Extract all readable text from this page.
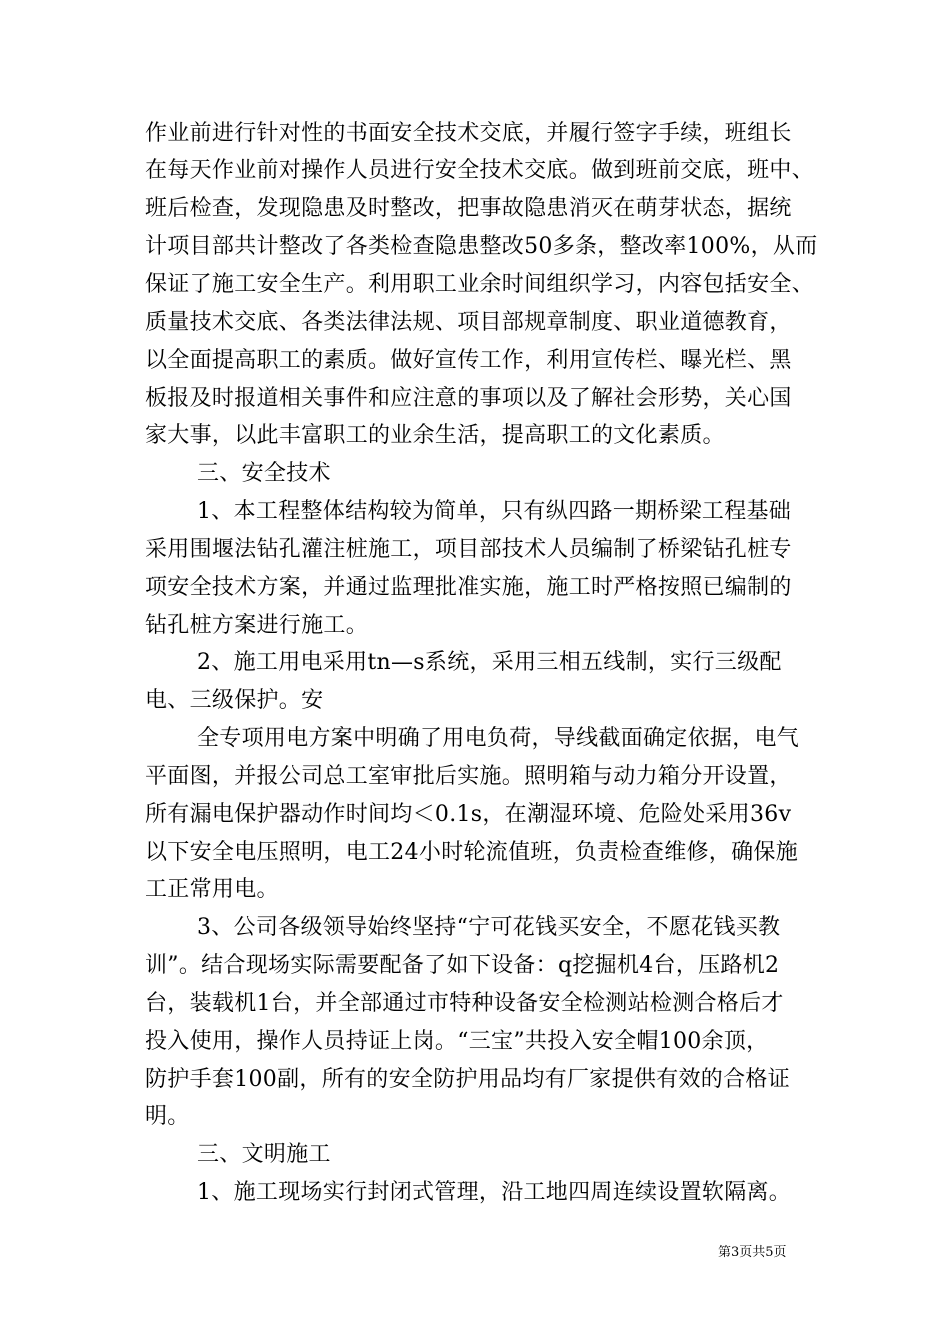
作业前进行针对性的书面安全技术交底，并履行签字手续，班组长
在每天作业前对操作人员进行安全技术交底。做到班前交底，班中、
班后检查，发现隐患及时整改，把事故隐患消灭在萌芽状态，据统
计项目部共计整改了各类检查隐患整改50多条，整改率100%，从而
保证了施工安全生产。利用职工业余时间组织学习，内容包括安全、
质量技术交底、各类法律法规、项目部规章制度、职业道德教育，
以全面提高职工的素质。做好宣传工作，利用宣传栏、曝光栏、黑
板报及时报道相关事件和应注意的事项以及了解社会形势，关心国
家大事，以此丰富职工的业余生活，提高职工的文化素质。
三、安全技术
1、本工程整体结构较为简单，只有纵四路一期桥梁工程基础
采用围堰法钻孔灌注桩施工，项目部技术人员编制了桥梁钻孔桩专
项安全技术方案，并通过监理批准实施，施工时严格按照已编制的
钻孔桩方案进行施工。
2、施工用电采用tn—s系统，采用三相五线制，实行三级配
电、三级保护。安
全专项用电方案中明确了用电负荷，导线截面确定依据，电气
平面图，并报公司总工室审批后实施。照明箱与动力箱分开设置，
所有漏电保护器动作时间均＜0.1s，在潮湿环境、危险处采用36v
以下安全电压照明，电工24小时轮流值班，负责检查维修，确保施
工正常用电。
3、公司各级领导始终坚持“宁可花钱买安全，不愿花钱买教
训”。结合现场实际需要配备了如下设备：q挖掘机4台，压路机2
台，装载机1台，并全部通过市特种设备安全检测站检测合格后才
投入使用，操作人员持证上岗。“三宝”共投入安全帽100余顶，
防护手套100副，所有的安全防护用品均有厂家提供有效的合格证
明。
三、文明施工
1、施工现场实行封闭式管理，沿工地四周连续设置软隔离。
第3页共5页
